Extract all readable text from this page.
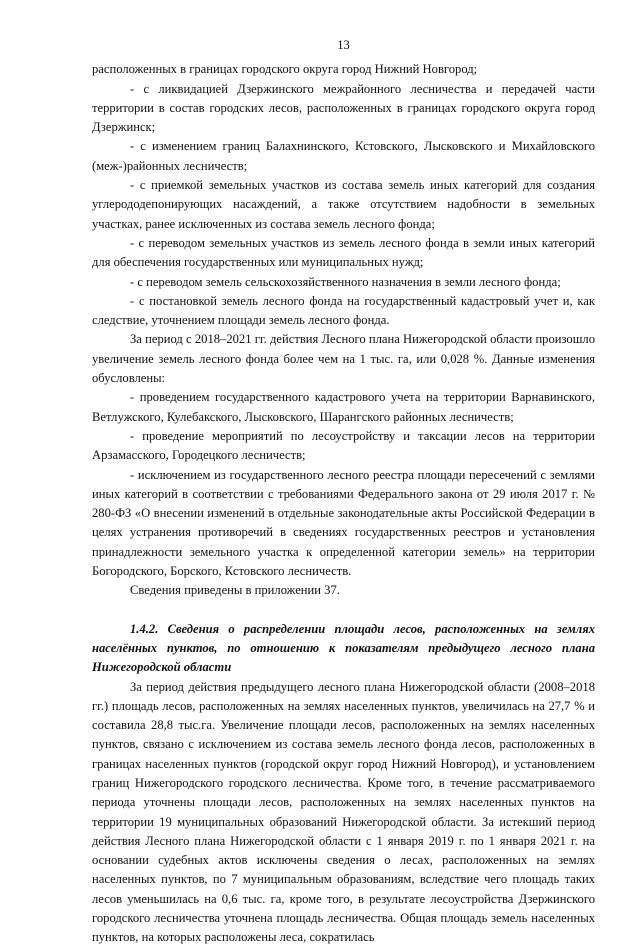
13

расположенных в границах городского округа город Нижний Новгород;

- с ликвидацией Дзержинского межрайонного лесничества и передачей части территории в состав городских лесов, расположенных в границах городского округа город Дзержинск;

- с изменением границ Балахнинского, Кстовского, Лысковского и Михайловского (меж-)районных лесничеств;

- с приемкой земельных участков из состава земель иных категорий для создания углерододепонирующих насаждений, а также отсутствием надобности в земельных участках, ранее исключенных из состава земель лесного фонда;

- с переводом земельных участков из земель лесного фонда в земли иных категорий для обеспечения государственных или муниципальных нужд;

- с переводом земель сельскохозяйственного назначения в земли лесного фонда;

- с постановкой земель лесного фонда на государственный кадастровый учет и, как следствие, уточнением площади земель лесного фонда.

За период с 2018–2021 гг. действия Лесного плана Нижегородской области произошло увеличение земель лесного фонда более чем на 1 тыс. га, или 0,028 %. Данные изменения обусловлены:

- проведением государственного кадастрового учета на территории Варнавинского, Ветлужского, Кулебакского, Лысковского, Шарангского районных лесничеств;

- проведение мероприятий по лесоустройству и таксации лесов на территории Арзамасского, Городецкого лесничеств;

- исключением из государственного лесного реестра площади пересечений с землями иных категорий в соответствии с требованиями Федерального закона от 29 июля 2017 г. № 280-ФЗ «О внесении изменений в отдельные законодательные акты Российской Федерации в целях устранения противоречий в сведениях государственных реестров и установления принадлежности земельного участка к определенной категории земель» на территории Богородского, Борского, Кстовского лесничеств.

Сведения приведены в приложении 37.

1.4.2. Сведения о распределении площади лесов, расположенных на землях населённых пунктов, по отношению к показателям предыдущего лесного плана Нижегородской области

За период действия предыдущего лесного плана Нижегородской области (2008–2018 гг.) площадь лесов, расположенных на землях населенных пунктов, увеличилась на 27,7 % и составила 28,8 тыс.га. Увеличение площади лесов, расположенных на землях населенных пунктов, связано с исключением из состава земель лесного фонда лесов, расположенных в границах населенных пунктов (городской округ город Нижний Новгород), и установлением границ Нижегородского городского лесничества. Кроме того, в течение рассматриваемого периода уточнены площади лесов, расположенных на землях населенных пунктов на территории 19 муниципальных образований Нижегородской области. За истекший период действия Лесного плана Нижегородской области с 1 января 2019 г. по 1 января 2021 г. на основании судебных актов исключены сведения о лесах, расположенных на землях населенных пунктов, по 7 муниципальным образованиям, вследствие чего площадь таких лесов уменьшилась на 0,6 тыс. га, кроме того, в результате лесоустройства Дзержинского городского лесничества уточнена площадь лесничества. Общая площадь земель населенных пунктов, на которых расположены леса, сократилась
